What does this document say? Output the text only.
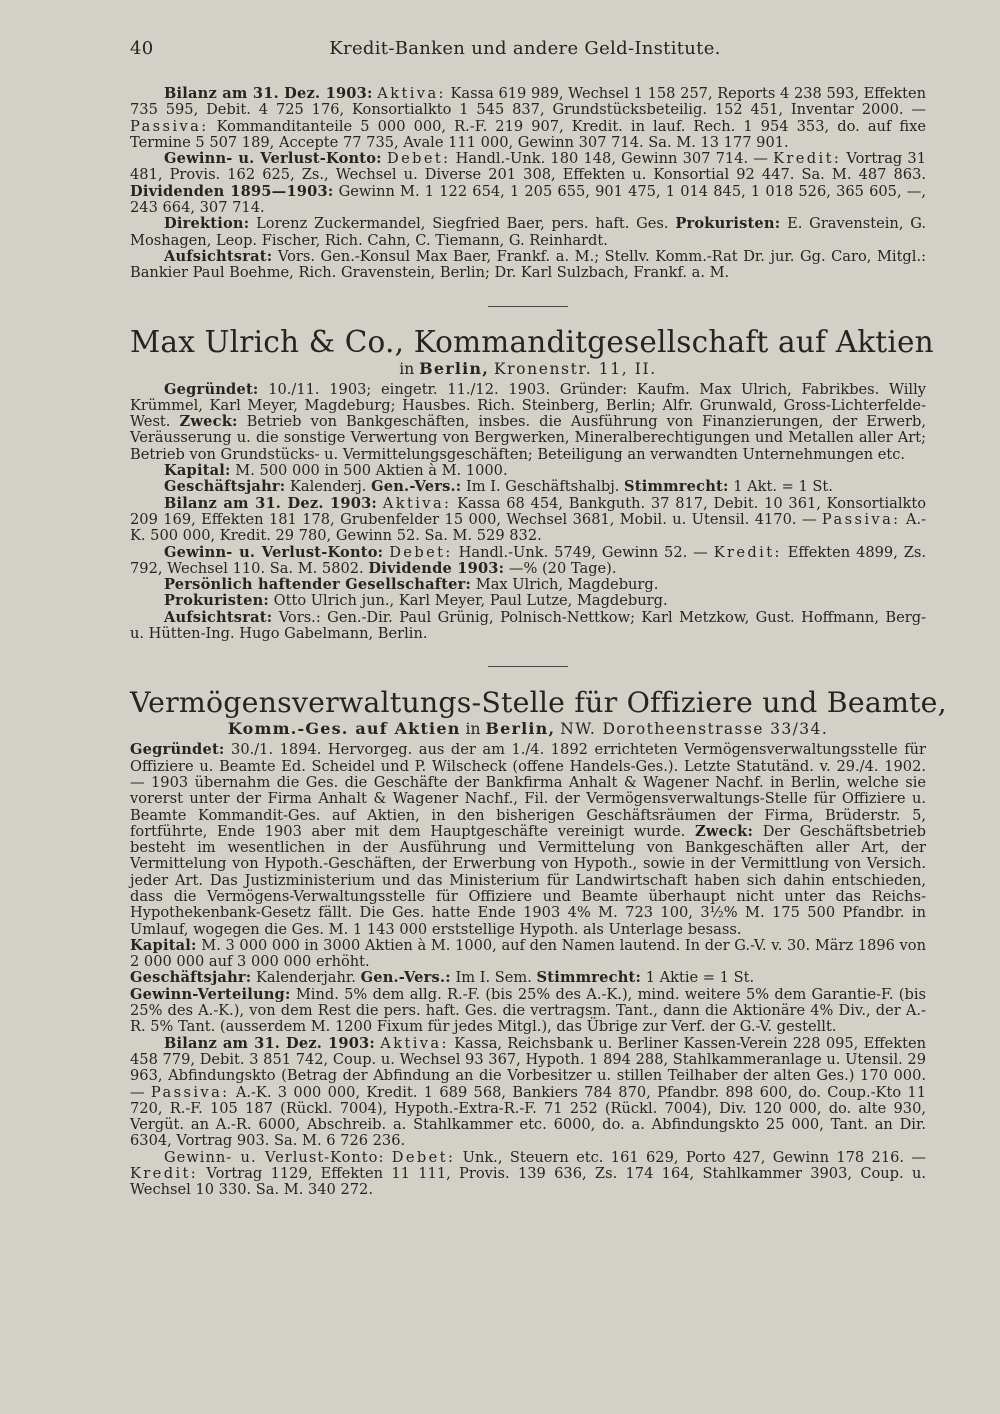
40	Kredit-Banken und andere Geld-Institute.

Bilanz am 31. Dez. 1903: Aktiva: Kassa 619 989, Wechsel 1 158 257, Reports 4 238 593, Effekten 735 595, Debit. 4 725 176, Konsortialkto 1 545 837, Grundstücksbeteilig. 152 451, Inventar 2000. — Passiva: Kommanditanteile 5 000 000, R.-F. 219 907, Kredit. in lauf. Rech. 1 954 353, do. auf fixe Termine 5 507 189, Accepte 77 735, Avale 111 000, Gewinn 307 714. Sa. M. 13 177 901.

Gewinn- u. Verlust-Konto: Debet: Handl.-Unk. 180 148, Gewinn 307 714. — Kredit: Vortrag 31 481, Provis. 162 625, Zs., Wechsel u. Diverse 201 308, Effekten u. Konsortial 92 447. Sa. M. 487 863. Dividenden 1895—1903: Gewinn M. 1 122 654, 1 205 655, 901 475, 1 014 845, 1 018 526, 365 605, —, 243 664, 307 714.

Direktion: Lorenz Zuckermandel, Siegfried Baer, pers. haft. Ges. Prokuristen: E. Gravenstein, G. Moshagen, Leop. Fischer, Rich. Cahn, C. Tiemann, G. Reinhardt.

Aufsichtsrat: Vors. Gen.-Konsul Max Baer, Frankf. a. M.; Stellv. Komm.-Rat Dr. jur. Gg. Caro, Mitgl.: Bankier Paul Boehme, Rich. Gravenstein, Berlin; Dr. Karl Sulzbach, Frankf. a. M.

Max Ulrich & Co., Kommanditgesellschaft auf Aktien
in Berlin, Kronenstr. 11, II.

Gegründet: 10./11. 1903; eingetr. 11./12. 1903. Gründer: Kaufm. Max Ulrich, Fabrikbes. Willy Krümmel, Karl Meyer, Magdeburg; Hausbes. Rich. Steinberg, Berlin; Alfr. Grunwald, Gross-Lichterfelde-West. Zweck: Betrieb von Bankgeschäften, insbes. die Ausführung von Finanzierungen, der Erwerb, Veräusserung u. die sonstige Verwertung von Bergwerken, Mineralberechtigungen und Metallen aller Art; Betrieb von Grundstücks- u. Vermittelungsgeschäften; Beteiligung an verwandten Unternehmungen etc.

Kapital: M. 500 000 in 500 Aktien à M. 1000.

Geschäftsjahr: Kalenderj. Gen.-Vers.: Im I. Geschäftshalbj. Stimmrecht: 1 Akt. = 1 St.

Bilanz am 31. Dez. 1903: Aktiva: Kassa 68 454, Bankguth. 37 817, Debit. 10 361, Konsortialkto 209 169, Effekten 181 178, Grubenfelder 15 000, Wechsel 3681, Mobil. u. Utensil. 4170. — Passiva: A.-K. 500 000, Kredit. 29 780, Gewinn 52. Sa. M. 529 832.

Gewinn- u. Verlust-Konto: Debet: Handl.-Unk. 5749, Gewinn 52. — Kredit: Effekten 4899, Zs. 792, Wechsel 110. Sa. M. 5802. Dividende 1903: —% (20 Tage).

Persönlich haftender Gesellschafter: Max Ulrich, Magdeburg.

Prokuristen: Otto Ulrich jun., Karl Meyer, Paul Lutze, Magdeburg.

Aufsichtsrat: Vors.: Gen.-Dir. Paul Grünig, Polnisch-Nettkow; Karl Metzkow, Gust. Hoffmann, Berg- u. Hütten-Ing. Hugo Gabelmann, Berlin.

Vermögensverwaltungs-Stelle für Offiziere und Beamte,
Komm.-Ges. auf Aktien in Berlin, NW. Dorotheenstrasse 33/34.

Gegründet: 30./1. 1894. Hervorgeg. aus der am 1./4. 1892 errichteten Vermögensverwaltungsstelle für Offiziere u. Beamte Ed. Scheidel und P. Wilscheck (offene Handels-Ges.). Letzte Statutänd. v. 29./4. 1902. — 1903 übernahm die Ges. die Geschäfte der Bankfirma Anhalt & Wagener Nachf. in Berlin, welche sie vorerst unter der Firma Anhalt & Wagener Nachf., Fil. der Vermögensverwaltungs-Stelle für Offiziere u. Beamte Kommandit-Ges. auf Aktien, in den bisherigen Geschäftsräumen der Firma, Brüderstr. 5, fortführte, Ende 1903 aber mit dem Hauptgeschäfte vereinigt wurde. Zweck: Der Geschäftsbetrieb besteht im wesentlichen in der Ausführung und Vermittelung von Bankgeschäften aller Art, der Vermittelung von Hypoth.-Geschäften, der Erwerbung von Hypoth., sowie in der Vermittlung von Versich. jeder Art. Das Justizministerium und das Ministerium für Landwirtschaft haben sich dahin entschieden, dass die Vermögens-Verwaltungsstelle für Offiziere und Beamte überhaupt nicht unter das Reichs-Hypothekenbank-Gesetz fällt. Die Ges. hatte Ende 1903 4% M. 723 100, 3½% M. 175 500 Pfandbr. in Umlauf, wogegen die Ges. M. 1 143 000 erststellige Hypoth. als Unterlage besass.

Kapital: M. 3 000 000 in 3000 Aktien à M. 1000, auf den Namen lautend. In der G.-V. v. 30. März 1896 von 2 000 000 auf 3 000 000 erhöht.

Geschäftsjahr: Kalenderjahr. Gen.-Vers.: Im I. Sem. Stimmrecht: 1 Aktie = 1 St.

Gewinn-Verteilung: Mind. 5% dem allg. R.-F. (bis 25% des A.-K.), mind. weitere 5% dem Garantie-F. (bis 25% des A.-K.), von dem Rest die pers. haft. Ges. die vertragsm. Tant., dann die Aktionäre 4% Div., der A.-R. 5% Tant. (ausserdem M. 1200 Fixum für jedes Mitgl.), das Übrige zur Verf. der G.-V. gestellt.

Bilanz am 31. Dez. 1903: Aktiva: Kassa, Reichsbank u. Berliner Kassen-Verein 228 095, Effekten 458 779, Debit. 3 851 742, Coup. u. Wechsel 93 367, Hypoth. 1 894 288, Stahlkammeranlage u. Utensil. 29 963, Abfindungskto (Betrag der Abfindung an die Vorbesitzer u. stillen Teilhaber der alten Ges.) 170 000. — Passiva: A.-K. 3 000 000, Kredit. 1 689 568, Bankiers 784 870, Pfandbr. 898 600, do. Coup.-Kto 11 720, R.-F. 105 187 (Rückl. 7004), Hypoth.-Extra-R.-F. 71 252 (Rückl. 7004), Div. 120 000, do. alte 930, Vergüt. an A.-R. 6000, Abschreib. a. Stahlkammer etc. 6000, do. a. Abfindungskto 25 000, Tant. an Dir. 6304, Vortrag 903. Sa. M. 6 726 236.

Gewinn- u. Verlust-Konto: Debet: Unk., Steuern etc. 161 629, Porto 427, Gewinn 178 216. — Kredit: Vortrag 1129, Effekten 11 111, Provis. 139 636, Zs. 174 164, Stahlkammer 3903, Coup. u. Wechsel 10 330. Sa. M. 340 272.
